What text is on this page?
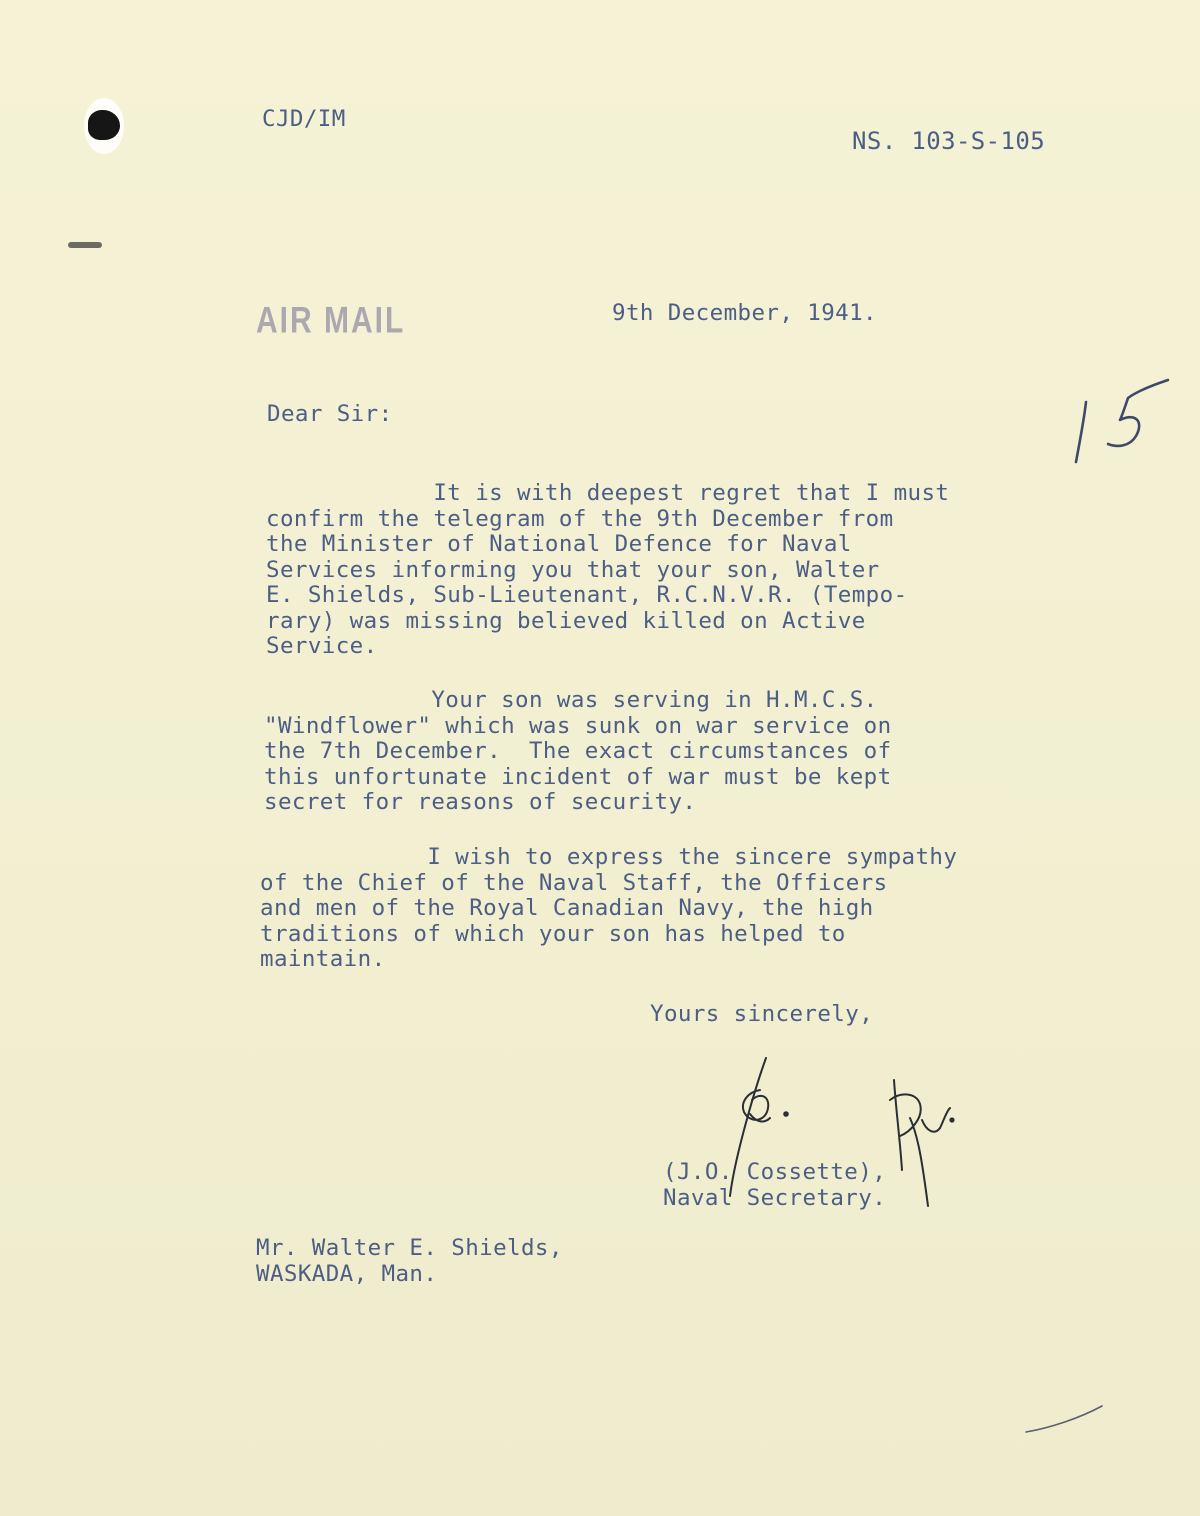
CJD/IM
NS. 103-S-105
AIR MAIL	9th December, 1941.
Dear Sir:
It is with deepest regret that I must
confirm the telegram of the 9th December from
the Minister of National Defence for Naval
Services informing you that your son, Walter
E. Shields, Sub-Lieutenant, R.C.N.V.R. (Tempo-
rary) was missing believed killed on Active
Service.
Your son was serving in H.M.C.S.
"Windflower" which was sunk on war service on
the 7th December.  The exact circumstances of
this unfortunate incident of war must be kept
secret for reasons of security.
I wish to express the sincere sympathy
of the Chief of the Naval Staff, the Officers
and men of the Royal Canadian Navy, the high
traditions of which your son has helped to
maintain.
Yours sincerely,
(J.O. Cossette),
Naval Secretary.
Mr. Walter E. Shields,
WASKADA, Man.
